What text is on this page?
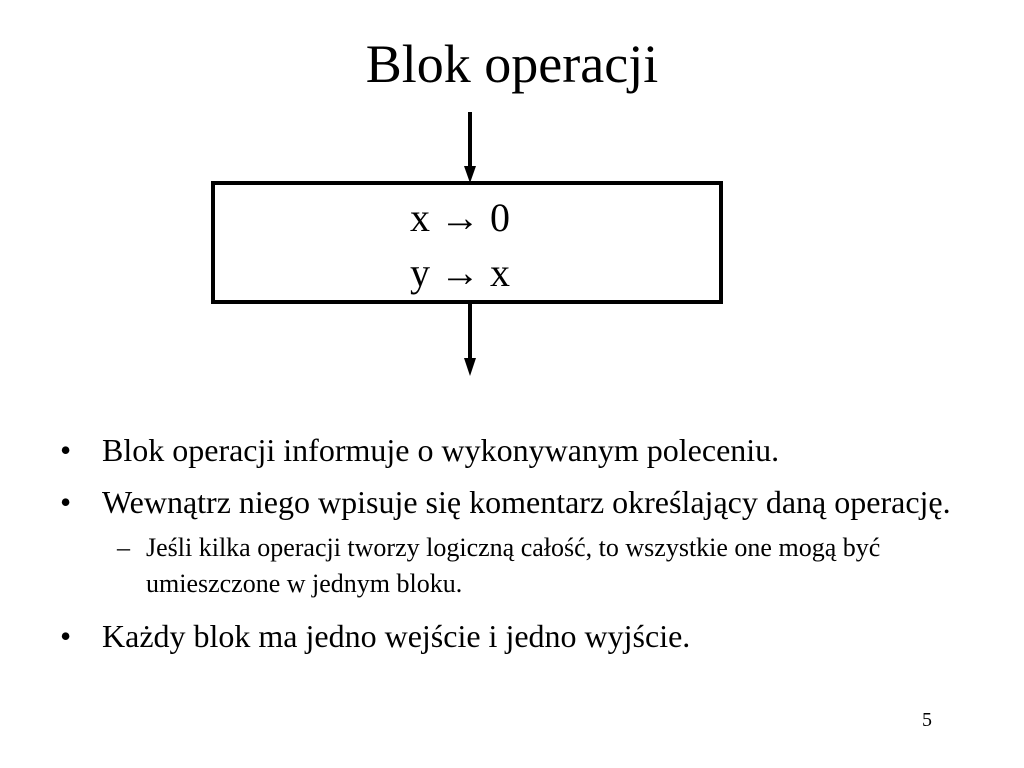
Blok operacji
x → 0
y → x
• Blok operacji informuje o wykonywanym poleceniu.
• Wewnątrz niego wpisuje się komentarz określający daną operację.
– Jeśli kilka operacji tworzy logiczną całość, to wszystkie one mogą być umieszczone w jednym bloku.
• Każdy blok ma jedno wejście i jedno wyjście.
5
